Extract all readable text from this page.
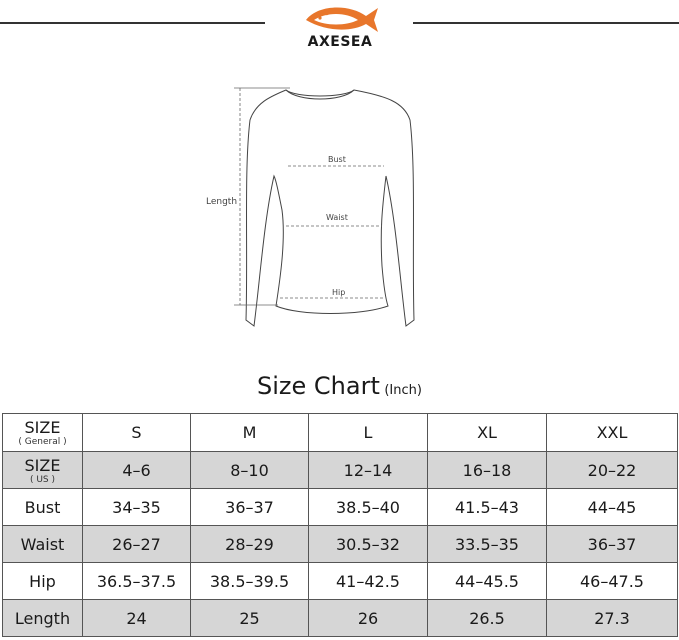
AXESEA
Length
Bust
Waist
Hip
Size Chart (Inch)
SIZE
( General )	S	M	L	XL	XXL
SIZE
( US )	4–6	8–10	12–14	16–18	20–22
Bust	34–35	36–37	38.5–40	41.5–43	44–45
Waist	26–27	28–29	30.5–32	33.5–35	36–37
Hip	36.5–37.5	38.5–39.5	41–42.5	44–45.5	46–47.5
Length	24	25	26	26.5	27.3
